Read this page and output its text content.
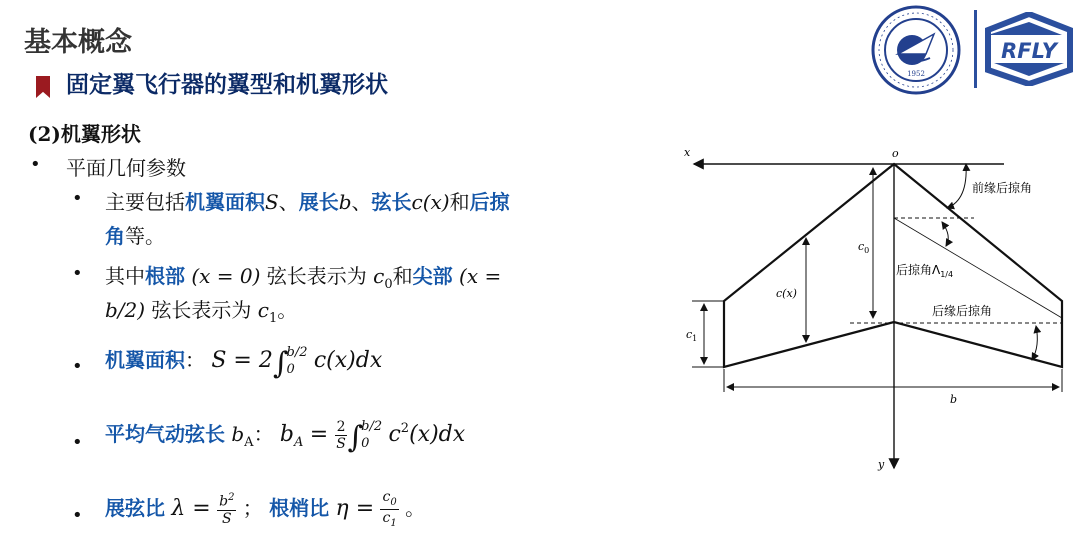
基本概念
固定翼飞行器的翼型和机翼形状	1952
RFLY
(2)机翼形状
• 平面几何参数
• 主要包括机翼面积S、展长b、弦长c(x)和后掠
角等。
• 其中根部 (x = 0) 弦长表示为 $c_0$和尖部 (x =
b/2) 弦长表示为 $c_1$。
• 机翼面积： S = 2∫
b/2
0 c(x)dx
• 平均气动弦长 $b_A$： $b_A = \frac{2}{S}$ ∫
b/2
0 $c^2(x)dx$
• 展弦比 $\lambda = \frac{b^2}{S}$ ； 根梢比 $\eta = \frac{c_0}{c_1}$ 。
x	o
y
$c_0$
c(x)
$c_1$
b
前缘后掠角
后掠角$\Lambda_{1/4}$
后缘后掠角
